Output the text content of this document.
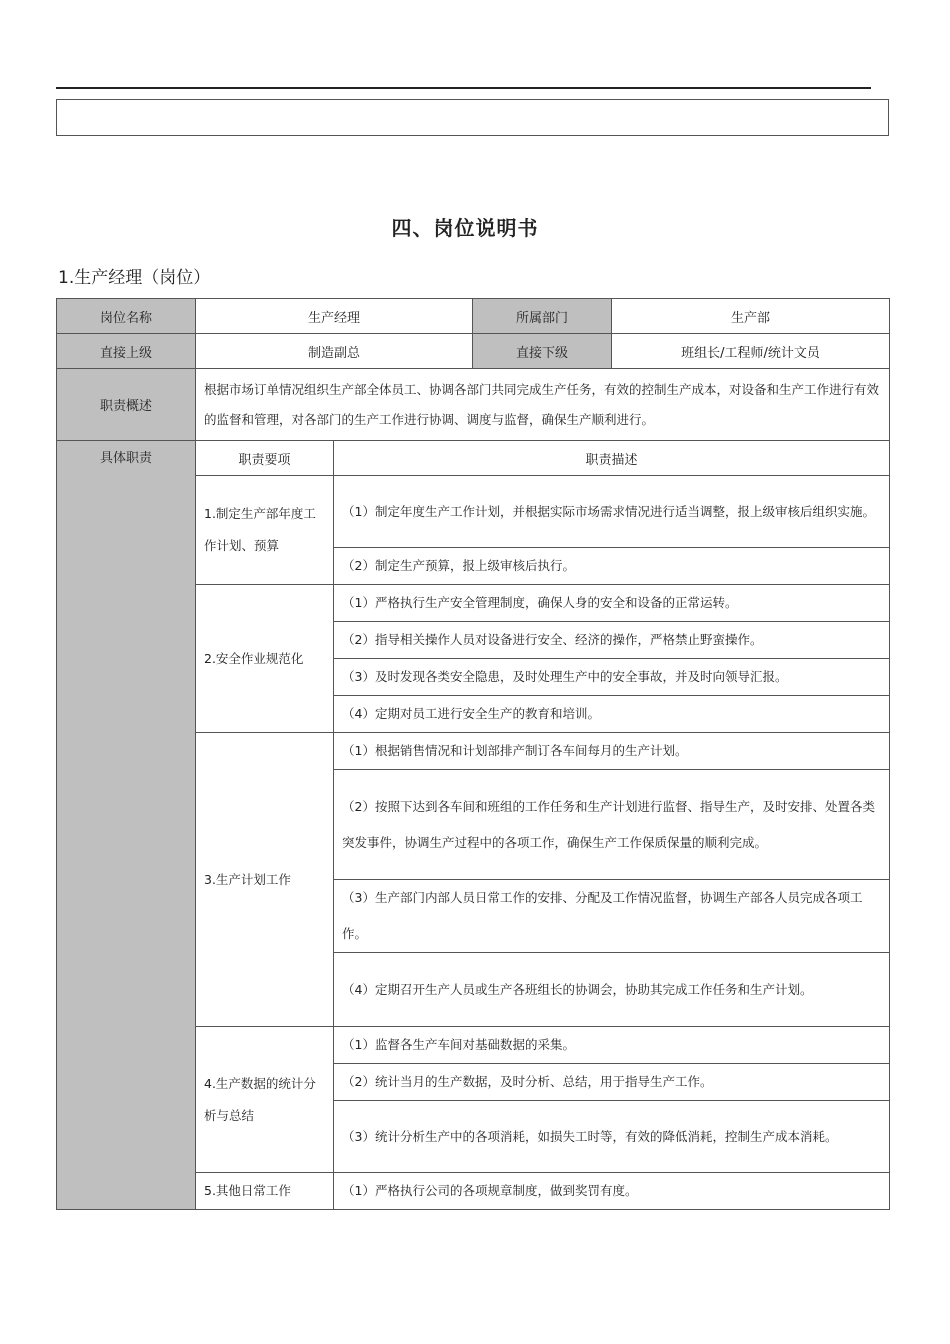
四、岗位说明书
1.生产经理（岗位）
岗位名称	生产经理		所属部门	生产部
直接上级	制造副总		直接下级	班组长/工程师/统计文员
职责概述	根据市场订单情况组织生产部全体员工、协调各部门共同完成生产任务，有效的控制生产成本，对设备和生产工作进行有效的监督和管理，对各部门的生产工作进行协调、调度与监督，确保生产顺利进行。			
具体职责	职责要项	职责描述		
	1.制定生产部年度工作计划、预算	（1）制定年度生产工作计划，并根据实际市场需求情况进行适当调整，报上级审核后组织实施。		
		（2）制定生产预算，报上级审核后执行。		
	2.安全作业规范化	（1）严格执行生产安全管理制度，确保人身的安全和设备的正常运转。		
		（2）指导相关操作人员对设备进行安全、经济的操作，严格禁止野蛮操作。		
		（3）及时发现各类安全隐患，及时处理生产中的安全事故，并及时向领导汇报。		
		（4）定期对员工进行安全生产的教育和培训。		
	3.生产计划工作	（1）根据销售情况和计划部排产制订各车间每月的生产计划。		
		（2）按照下达到各车间和班组的工作任务和生产计划进行监督、指导生产，及时安排、处置各类突发事件，协调生产过程中的各项工作，确保生产工作保质保量的顺利完成。		
		（3）生产部门内部人员日常工作的安排、分配及工作情况监督，协调生产部各人员完成各项工作。		
		（4）定期召开生产人员或生产各班组长的协调会，协助其完成工作任务和生产计划。		
	4.生产数据的统计分析与总结	（1）监督各生产车间对基础数据的采集。		
		（2）统计当月的生产数据，及时分析、总结，用于指导生产工作。		
		（3）统计分析生产中的各项消耗，如损失工时等，有效的降低消耗，控制生产成本消耗。		
	5.其他日常工作	（1）严格执行公司的各项规章制度，做到奖罚有度。		
